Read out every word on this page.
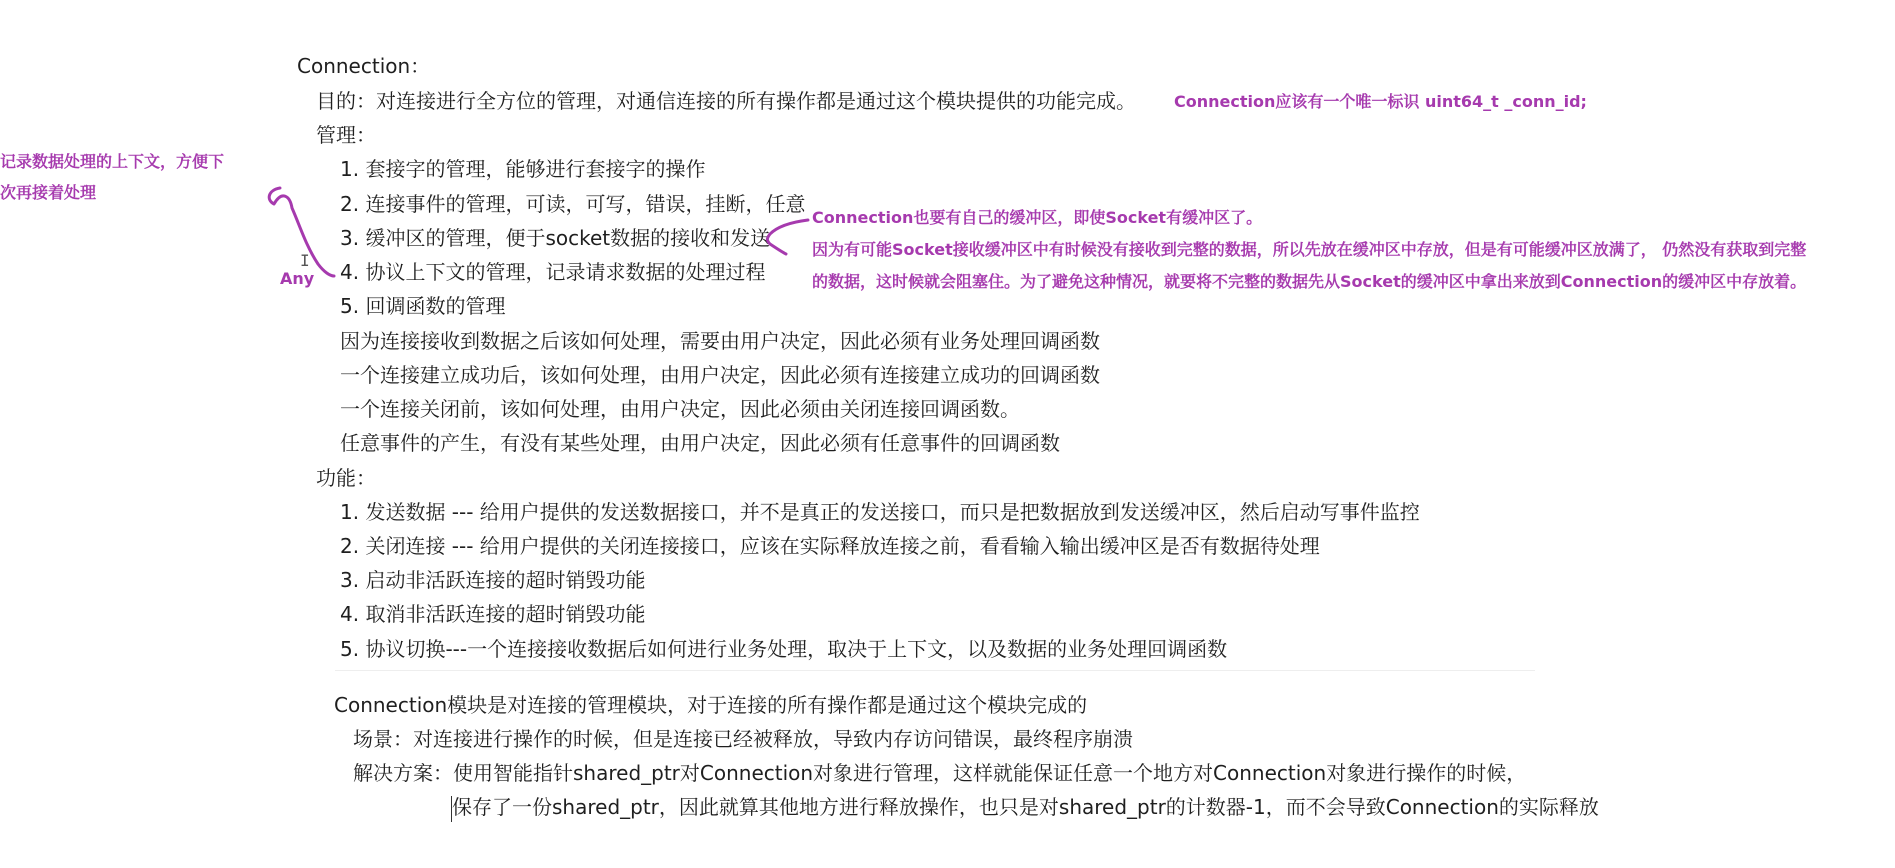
Connection：
目的：对连接进行全方位的管理，对通信连接的所有操作都是通过这个模块提供的功能完成。
管理：
1. 套接字的管理，能够进行套接字的操作
2. 连接事件的管理，可读，可写，错误，挂断，任意
3. 缓冲区的管理，便于socket数据的接收和发送
4. 协议上下文的管理，记录请求数据的处理过程
5. 回调函数的管理
因为连接接收到数据之后该如何处理，需要由用户决定，因此必须有业务处理回调函数
一个连接建立成功后，该如何处理，由用户决定，因此必须有连接建立成功的回调函数
一个连接关闭前，该如何处理，由用户决定，因此必须由关闭连接回调函数。
任意事件的产生，有没有某些处理，由用户决定，因此必须有任意事件的回调函数
功能：
1. 发送数据 --- 给用户提供的发送数据接口，并不是真正的发送接口，而只是把数据放到发送缓冲区，然后启动写事件监控
2. 关闭连接 --- 给用户提供的关闭连接接口，应该在实际释放连接之前，看看输入输出缓冲区是否有数据待处理
3. 启动非活跃连接的超时销毁功能
4. 取消非活跃连接的超时销毁功能
5. 协议切换---一个连接接收数据后如何进行业务处理，取决于上下文，以及数据的业务处理回调函数
Connection模块是对连接的管理模块，对于连接的所有操作都是通过这个模块完成的
场景：对连接进行操作的时候，但是连接已经被释放，导致内存访问错误，最终程序崩溃
解决方案：使用智能指针shared_ptr对Connection对象进行管理，这样就能保证任意一个地方对Connection对象进行操作的时候，
保存了一份shared_ptr，因此就算其他地方进行释放操作，也只是对shared_ptr的计数器-1，而不会导致Connection的实际释放
Connection应该有一个唯一标识 uint64_t _conn_id;
记录数据处理的上下文，方便下
次再接着处理
Any
Connection也要有自己的缓冲区，即使Socket有缓冲区了。
因为有可能Socket接收缓冲区中有时候没有接收到完整的数据，所以先放在缓冲区中存放，但是有可能缓冲区放满了， 仍然没有获取到完整
的数据，这时候就会阻塞住。为了避免这种情况，就要将不完整的数据先从Socket的缓冲区中拿出来放到Connection的缓冲区中存放着。
I
